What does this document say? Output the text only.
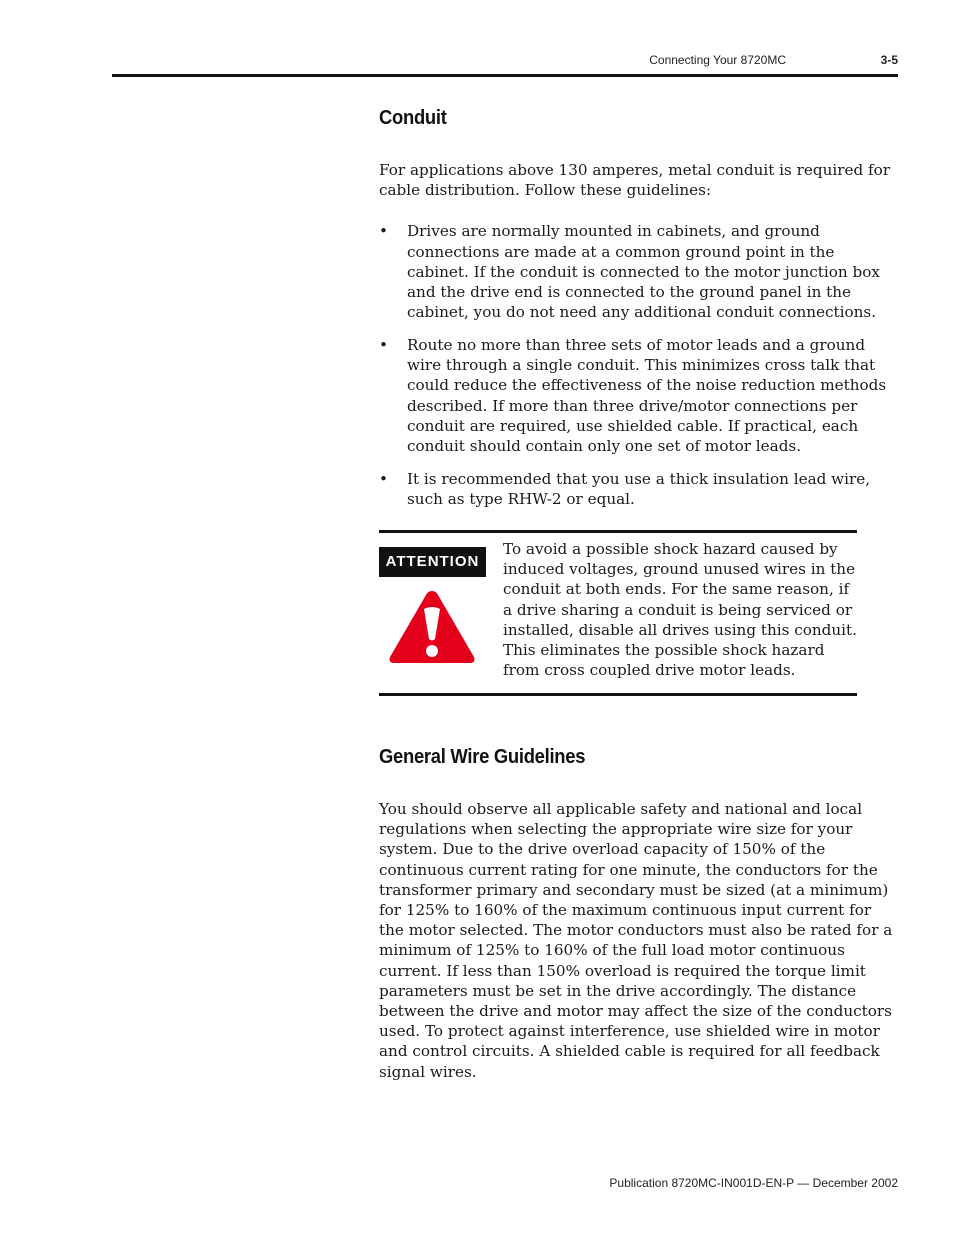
Connecting Your 8720MC	3-5
Conduit

For applications above 130 amperes, metal conduit is required for cable distribution. Follow these guidelines:

• Drives are normally mounted in cabinets, and ground connections are made at a common ground point in the cabinet. If the conduit is connected to the motor junction box and the drive end is connected to the ground panel in the cabinet, you do not need any additional conduit connections.
• Route no more than three sets of motor leads and a ground wire through a single conduit. This minimizes cross talk that could reduce the effectiveness of the noise reduction methods described. If more than three drive/motor connections per conduit are required, use shielded cable. If practical, each conduit should contain only one set of motor leads.
• It is recommended that you use a thick insulation lead wire, such as type RHW-2 or equal.
ATTENTION

To avoid a possible shock hazard caused by induced voltages, ground unused wires in the conduit at both ends. For the same reason, if a drive sharing a conduit is being serviced or installed, disable all drives using this conduit. This eliminates the possible shock hazard from cross coupled drive motor leads.

General Wire Guidelines

You should observe all applicable safety and national and local regulations when selecting the appropriate wire size for your system. Due to the drive overload capacity of 150% of the continuous current rating for one minute, the conductors for the transformer primary and secondary must be sized (at a minimum) for 125% to 160% of the maximum continuous input current for the motor selected. The motor conductors must also be rated for a minimum of 125% to 160% of the full load motor continuous current. If less than 150% overload is required the torque limit parameters must be set in the drive accordingly. The distance between the drive and motor may affect the size of the conductors used. To protect against interference, use shielded wire in motor and control circuits. A shielded cable is required for all feedback signal wires.

Publication 8720MC-IN001D-EN-P — December 2002
